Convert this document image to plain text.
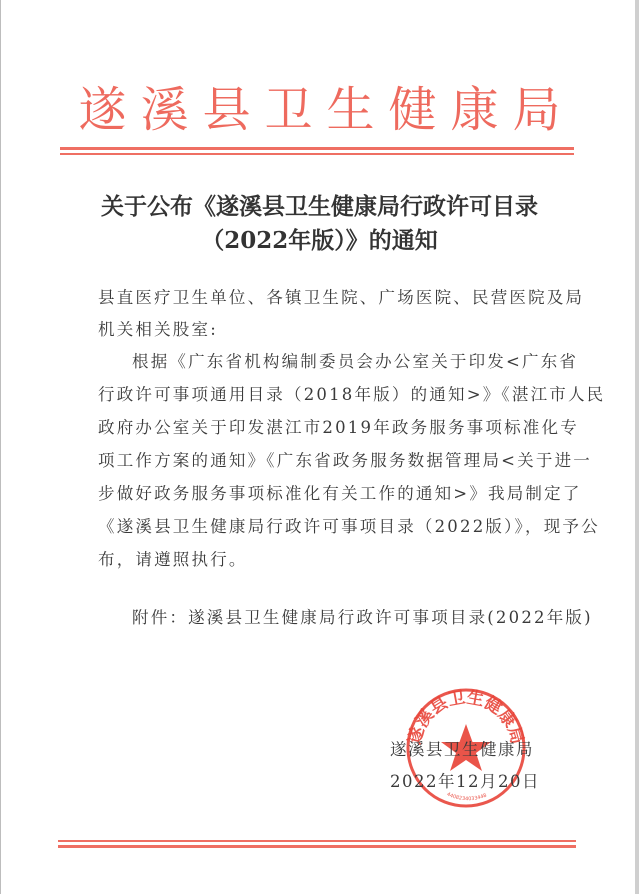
遂溪县卫生健康局
关于公布《遂溪县卫生健康局行政许可目录
（2022年版）》的通知
县直医疗卫生单位、各镇卫生院、广场医院、民营医院及局
机关相关股室:
根据《广东省机构编制委员会办公室关于印发<广东省
行政许可事项通用目录（2018年版）的通知>》《湛江市人民
政府办公室关于印发湛江市2019年政务服务事项标准化专
项工作方案的通知》《广东省政务服务数据管理局<关于进一
步做好政务服务事项标准化有关工作的通知>》我局制定了
《遂溪县卫生健康局行政许可事项目录（2022版）》，现予公
布，请遵照执行。
附件：遂溪县卫生健康局行政许可事项目录(2022年版)
遂溪县卫生健康局
4408234033448
遂溪县卫生健康局
2022年12月20日
